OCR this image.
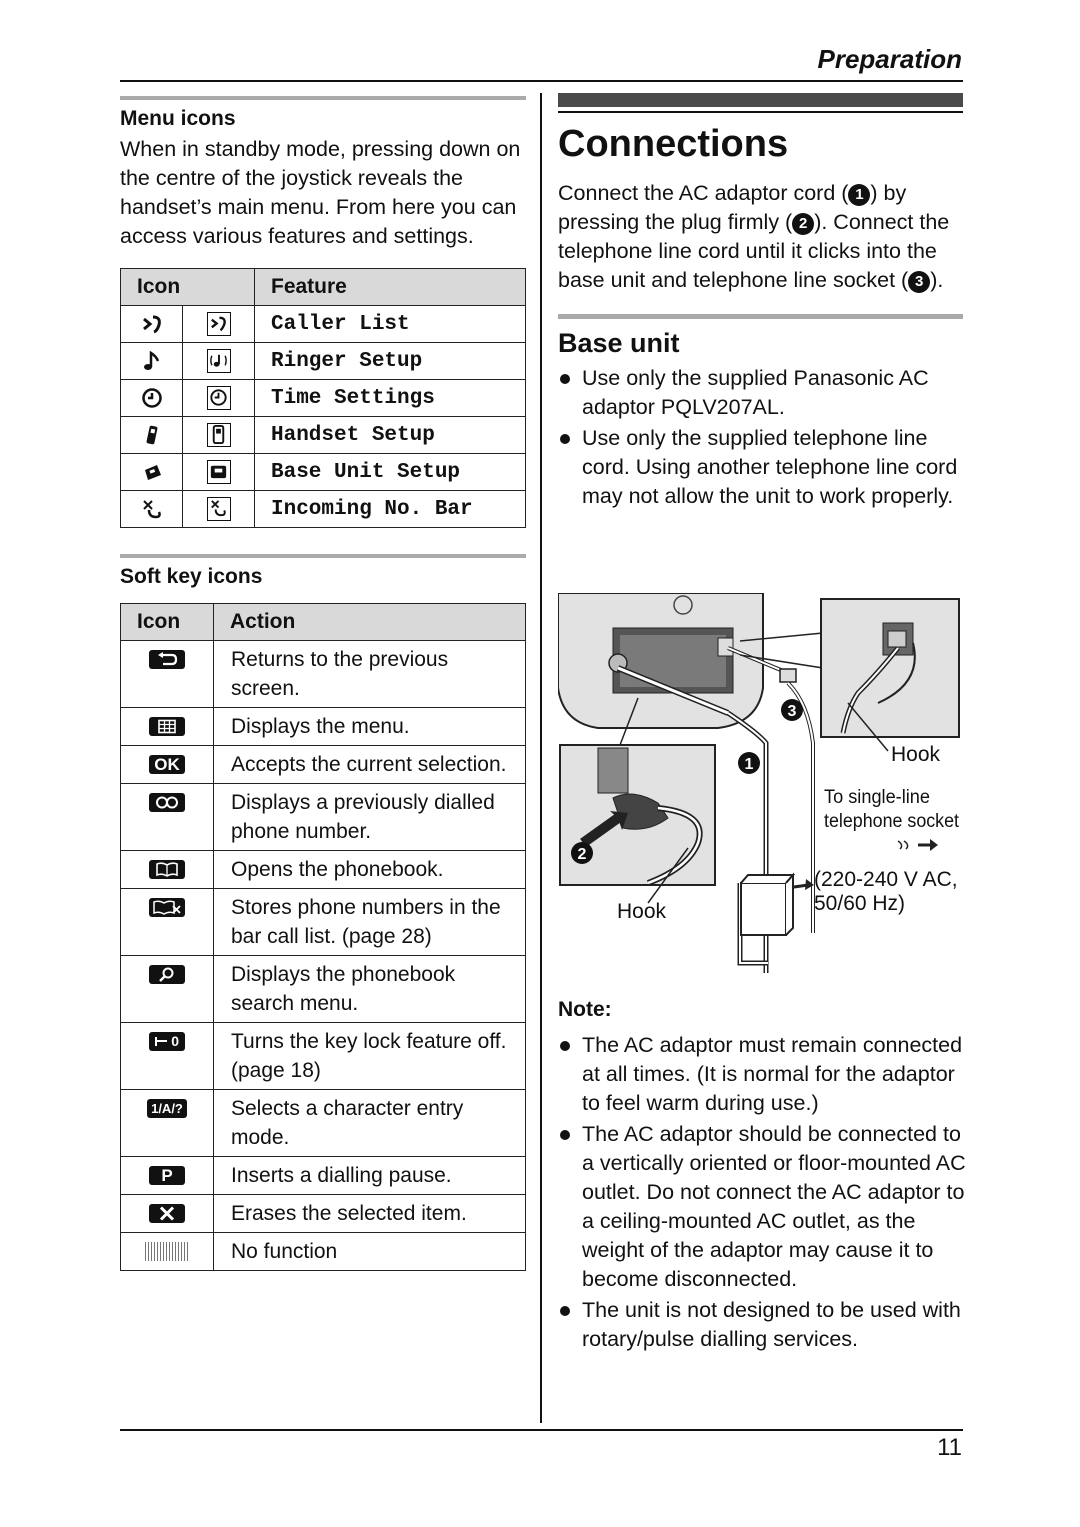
Preparation
Menu icons
When in standby mode, pressing down on the centre of the joystick reveals the handset’s main menu. From here you can access various features and settings.
Icon		Feature
		Caller List
		Ringer Setup
		Time Settings
		Handset Setup
		Base Unit Setup
		Incoming No. Bar
Soft key icons
Icon	Action

	Returns to the previous screen.

	Displays the menu.
OK	Accepts the current selection.

	Displays a previously dialled phone number.

	Opens the phonebook.

	Stores phone numbers in the bar call list. (page 28)

	Displays the phonebook search menu.

0	Turns the key lock feature off. (page 18)
1/A/?	Selects a character entry mode.
P	Inserts a dialling pause.

	Erases the selected item.
	No function
Connections
Connect the AC adaptor cord ( 1 ) by pressing the plug firmly ( 2 ). Connect the telephone line cord until it clicks into the base unit and telephone line socket ( 3 ).
Base unit
Use only the supplied Panasonic AC adaptor PQLV207AL.
Use only the supplied telephone line cord. Using another telephone line cord may not allow the unit to work properly.
3
1
2
Hook
To single-line
telephone socket
(220-240 V AC,
50/60 Hz)
Hook
Note:
The AC adaptor must remain connected at all times. (It is normal for the adaptor to feel warm during use.)
The AC adaptor should be connected to a vertically oriented or floor-mounted AC outlet. Do not connect the AC adaptor to a ceiling-mounted AC outlet, as the weight of the adaptor may cause it to become disconnected.
The unit is not designed to be used with rotary/pulse dialling services.
11
